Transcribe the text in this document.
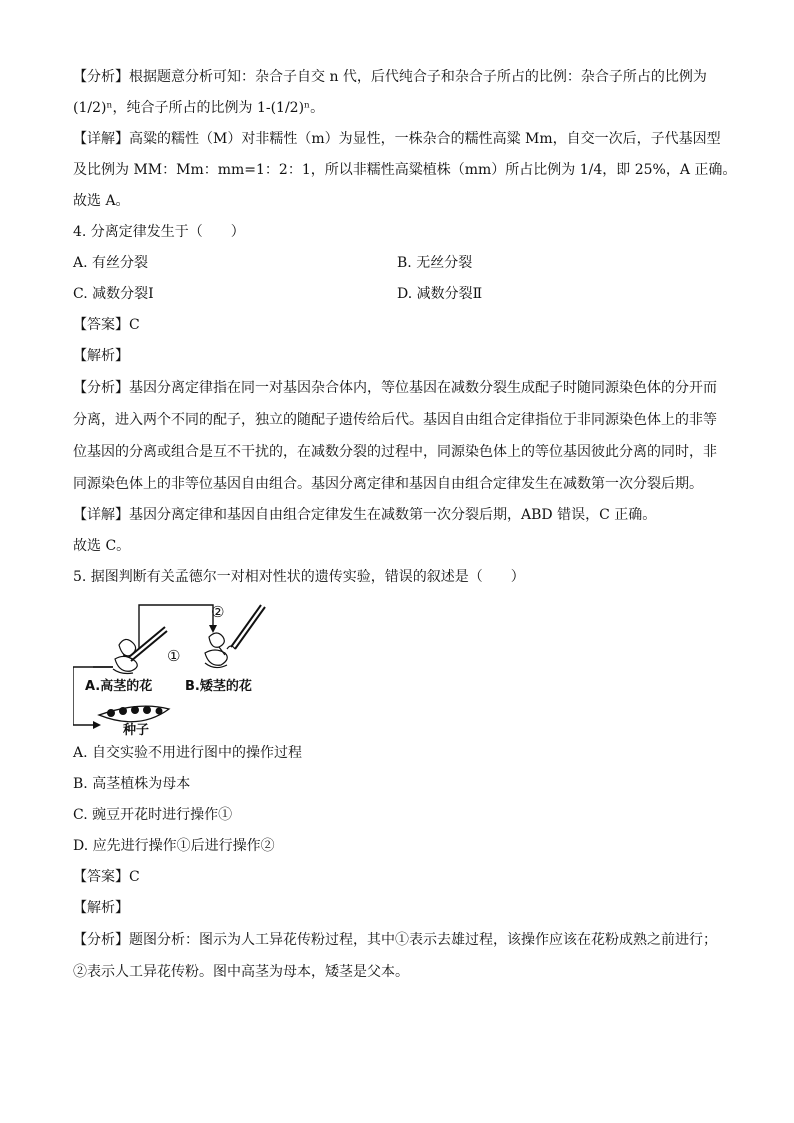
【分析】根据题意分析可知：杂合子自交 n 代，后代纯合子和杂合子所占的比例：杂合子所占的比例为
(1/2)ⁿ，纯合子所占的比例为 1-(1/2)ⁿ。
【详解】高粱的糯性（M）对非糯性（m）为显性，一株杂合的糯性高粱 Mm，自交一次后，子代基因型
及比例为 MM：Mm：mm=1：2：1，所以非糯性高粱植株（mm）所占比例为 1/4，即 25%，A 正确。
故选 A。
4. 分离定律发生于（　　）
A. 有丝分裂	B. 无丝分裂
C. 减数分裂Ⅰ	D. 减数分裂Ⅱ
【答案】C
【解析】
【分析】基因分离定律指在同一对基因杂合体内，等位基因在减数分裂生成配子时随同源染色体的分开而
分离，进入两个不同的配子，独立的随配子遗传给后代。基因自由组合定律指位于非同源染色体上的非等
位基因的分离或组合是互不干扰的，在减数分裂的过程中，同源染色体上的等位基因彼此分离的同时，非
同源染色体上的非等位基因自由组合。基因分离定律和基因自由组合定律发生在减数第一次分裂后期。
【详解】基因分离定律和基因自由组合定律发生在减数第一次分裂后期，ABD 错误，C 正确。
故选 C。
5. 据图判断有关孟德尔一对相对性状的遗传实验，错误的叙述是（　　）
①
②
A.高茎的花	B.矮茎的花
种子
A. 自交实验不用进行图中的操作过程
B. 高茎植株为母本
C. 豌豆开花时进行操作①
D. 应先进行操作①后进行操作②
【答案】C
【解析】
【分析】题图分析：图示为人工异花传粉过程，其中①表示去雄过程，该操作应该在花粉成熟之前进行；
②表示人工异花传粉。图中高茎为母本，矮茎是父本。
